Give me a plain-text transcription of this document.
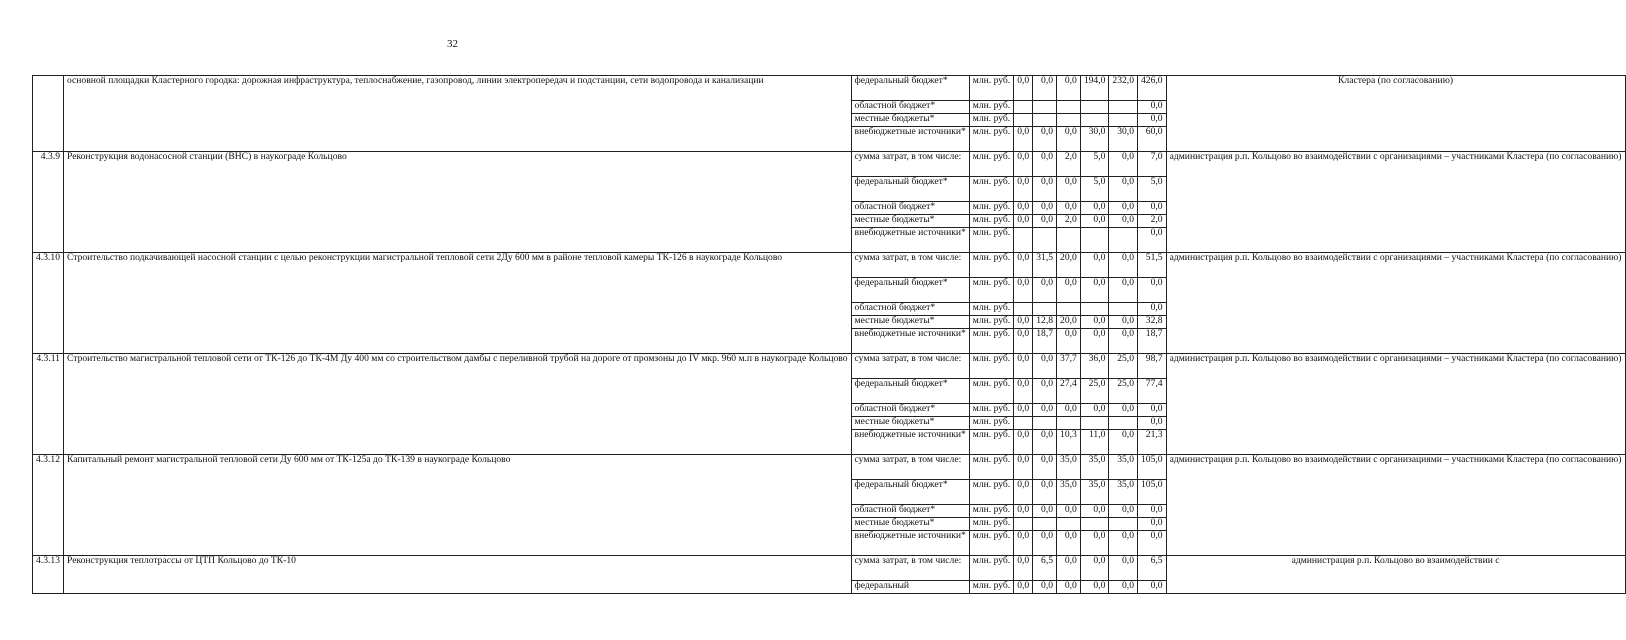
32
	основной площадки Кластерного городка: дорожная инфраструктура, теплоснабжение, газопровод, линии электропередач и подстанции, сети водопровода и канализации	федеральный бюджет*	млн. руб.	0,0	0,0	0,0	194,0	232,0	426,0	Кластера (по согласованию)
		областной бюджет*	млн. руб.						0,0	
		местные бюджеты*	млн. руб.						0,0	
		внебюджетные источники*	млн. руб.	0,0	0,0	0,0	30,0	30,0	60,0	
4.3.9	Реконструкция водонасосной станции (ВНС) в наукограде Кольцово	сумма затрат, в том числе:	млн. руб.	0,0	0,0	2,0	5,0	0,0	7,0	администрация р.п. Кольцово во взаимодействии с организациями – участниками Кластера (по согласованию)
		федеральный бюджет*	млн. руб.	0,0	0,0	0,0	5,0	0,0	5,0	
		областной бюджет*	млн. руб.	0,0	0,0	0,0	0,0	0,0	0,0	
		местные бюджеты*	млн. руб.	0,0	0,0	2,0	0,0	0,0	2,0	
		внебюджетные источники*	млн. руб.						0,0	
4.3.10	Строительство подкачивающей насосной станции с целью реконструкции магистральной тепловой сети 2Ду 600 мм в районе тепловой камеры ТК-126 в наукограде Кольцово	сумма затрат, в том числе:	млн. руб.	0,0	31,5	20,0	0,0	0,0	51,5	администрация р.п. Кольцово во взаимодействии с организациями – участниками Кластера (по согласованию)
		федеральный бюджет*	млн. руб.	0,0	0,0	0,0	0,0	0,0	0,0	
		областной бюджет*	млн. руб.						0,0	
		местные бюджеты*	млн. руб.	0,0	12,8	20,0	0,0	0,0	32,8	
		внебюджетные источники*	млн. руб.	0,0	18,7	0,0	0,0	0,0	18,7	
4.3.11	Строительство магистральной тепловой сети от ТК-126 до ТК-4М Ду 400 мм со строительством дамбы с переливной трубой на дороге от промзоны до IV мкр. 960 м.п в наукограде Кольцово	сумма затрат, в том числе:	млн. руб.	0,0	0,0	37,7	36,0	25,0	98,7	администрация р.п. Кольцово во взаимодействии с организациями – участниками Кластера (по согласованию)
		федеральный бюджет*	млн. руб.	0,0	0,0	27,4	25,0	25,0	77,4	
		областной бюджет*	млн. руб.	0,0	0,0	0,0	0,0	0,0	0,0	
		местные бюджеты*	млн. руб.						0,0	
		внебюджетные источники*	млн. руб.	0,0	0,0	10,3	11,0	0,0	21,3	
4.3.12	Капитальный ремонт магистральной тепловой сети Ду 600 мм от ТК-125а до ТК-139 в наукограде Кольцово	сумма затрат, в том числе:	млн. руб.	0,0	0,0	35,0	35,0	35,0	105,0	администрация р.п. Кольцово во взаимодействии с организациями – участниками Кластера (по согласованию)
		федеральный бюджет*	млн. руб.	0,0	0,0	35,0	35,0	35,0	105,0	
		областной бюджет*	млн. руб.	0,0	0,0	0,0	0,0	0,0	0,0	
		местные бюджеты*	млн. руб.						0,0	
		внебюджетные источники*	млн. руб.	0,0	0,0	0,0	0,0	0,0	0,0	
4.3.13	Реконструкция теплотрассы от ЦТП Кольцово до ТК-10	сумма затрат, в том числе:	млн. руб.	0,0	6,5	0,0	0,0	0,0	6,5	администрация р.п. Кольцово во взаимодействии с
		федеральный	млн. руб.	0,0	0,0	0,0	0,0	0,0	0,0	
